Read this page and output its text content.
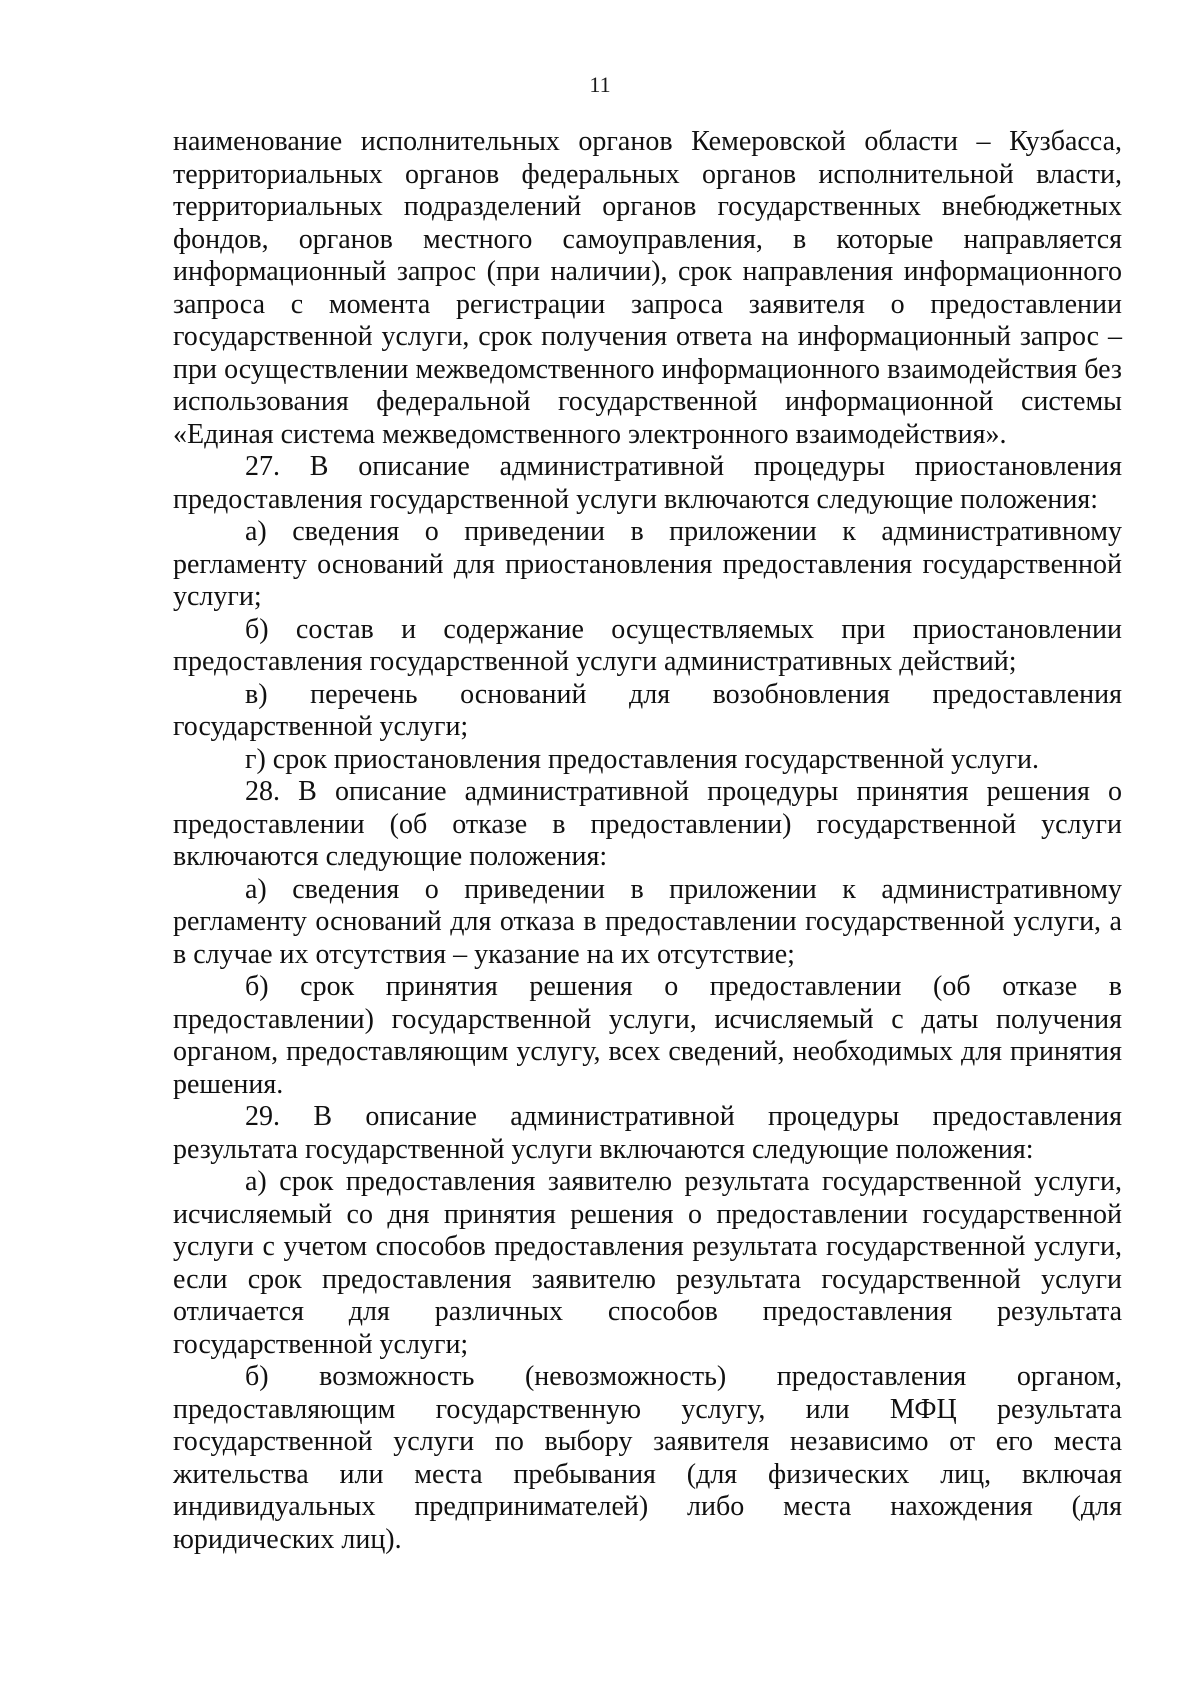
11

наименование исполнительных органов Кемеровской области – Кузбасса, территориальных органов федеральных органов исполнительной власти, территориальных подразделений органов государственных внебюджетных фондов, органов местного самоуправления, в которые направляется информационный запрос (при наличии), срок направления информационного запроса с момента регистрации запроса заявителя о предоставлении государственной услуги, срок получения ответа на информационный запрос – при осуществлении межведомственного информационного взаимодействия без использования федеральной государственной информационной системы «Единая система межведомственного электронного взаимодействия».

27. В описание административной процедуры приостановления предоставления государственной услуги включаются следующие положения:

а) сведения о приведении в приложении к административному регламенту оснований для приостановления предоставления государственной услуги;

б) состав и содержание осуществляемых при приостановлении предоставления государственной услуги административных действий;

в) перечень оснований для возобновления предоставления государственной услуги;

г) срок приостановления предоставления государственной услуги.

28. В описание административной процедуры принятия решения о предоставлении (об отказе в предоставлении) государственной услуги включаются следующие положения:

а) сведения о приведении в приложении к административному регламенту оснований для отказа в предоставлении государственной услуги, а в случае их отсутствия – указание на их отсутствие;

б) срок принятия решения о предоставлении (об отказе в предоставлении) государственной услуги, исчисляемый с даты получения органом, предоставляющим услугу, всех сведений, необходимых для принятия решения.

29. В описание административной процедуры предоставления результата государственной услуги включаются следующие положения:

а) срок предоставления заявителю результата государственной услуги, исчисляемый со дня принятия решения о предоставлении государственной услуги с учетом способов предоставления результата государственной услуги, если срок предоставления заявителю результата государственной услуги отличается для различных способов предоставления результата государственной услуги;

б) возможность (невозможность) предоставления органом, предоставляющим государственную услугу, или МФЦ результата государственной услуги по выбору заявителя независимо от его места жительства или места пребывания (для физических лиц, включая индивидуальных предпринимателей) либо места нахождения (для юридических лиц).
